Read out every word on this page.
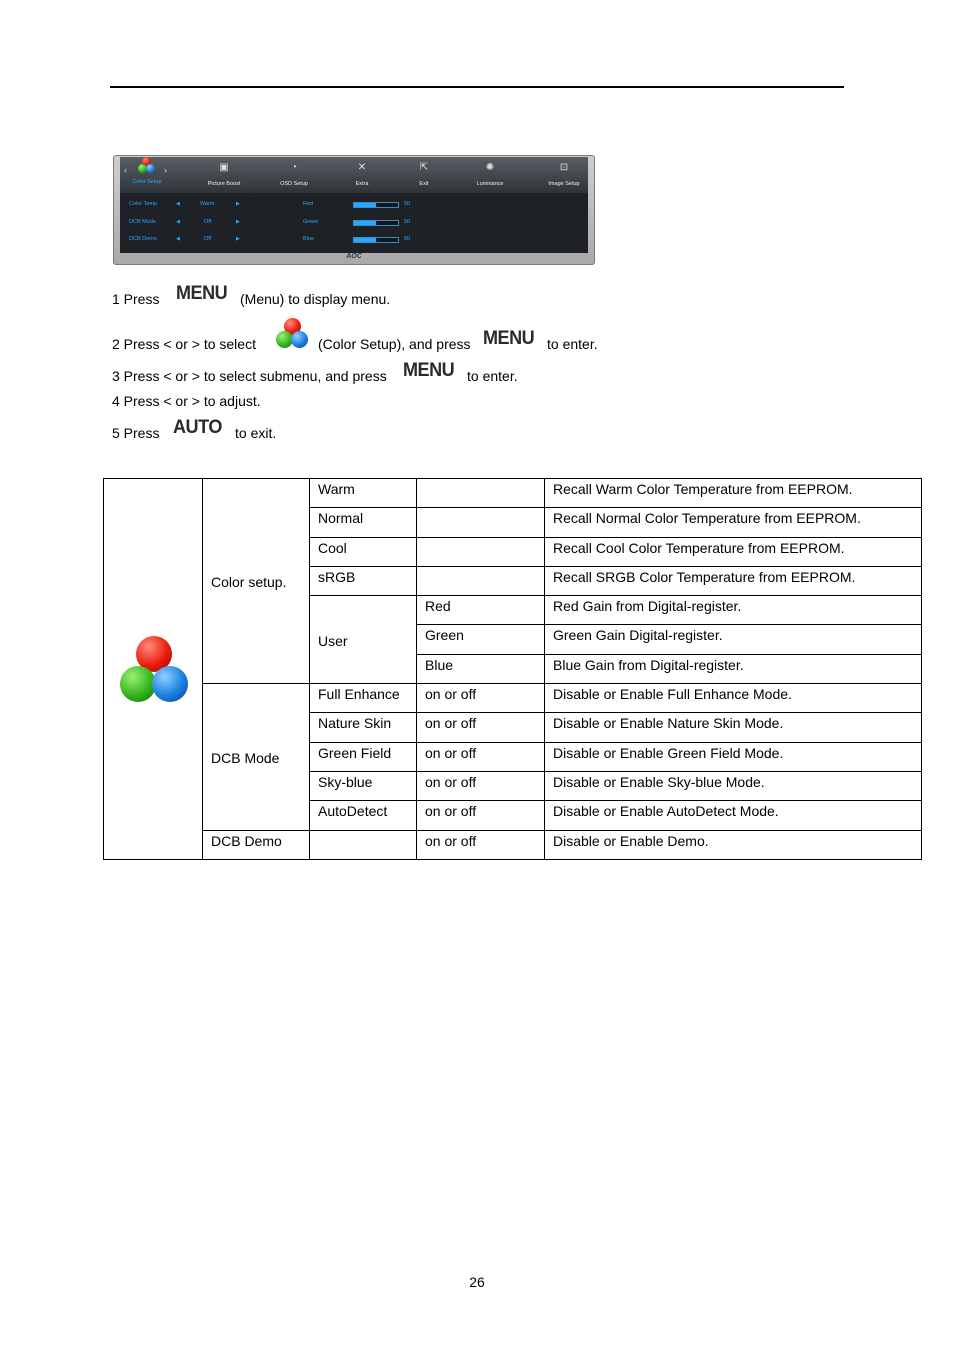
‹	›
Color Setup
▣
Picture Boost
◔
OSD Setup
✕
Extra
⇱
Exit
✺
Luminance
⊡
Image Setup
Color Temp.	◀	Warm	▶	Red	50
DCB Mode	◀	Off	▶	Green	50
DCB Demo	◀	Off	▶	Blue	50
AOC
1 Press MENU (Menu) to display menu.
2 Press < or > to select	(Color Setup), and press MENU to enter.
3 Press < or > to select submenu, and press MENU to enter.
4 Press < or > to adjust.
5 Press AUTO to exit.
	Color setup.	Warm		Recall Warm Color Temperature from EEPROM.
		Normal		Recall Normal Color Temperature from EEPROM.
		Cool		Recall Cool Color Temperature from EEPROM.
		sRGB		Recall SRGB Color Temperature from EEPROM.
		User	Red	Red Gain from Digital-register.
			Green	Green Gain Digital-register.
			Blue	Blue Gain from Digital-register.
	DCB Mode	Full Enhance	on or off	Disable or Enable Full Enhance Mode.
		Nature Skin	on or off	Disable or Enable Nature Skin Mode.
		Green Field	on or off	Disable or Enable Green Field Mode.
		Sky-blue	on or off	Disable or Enable Sky-blue Mode.
		AutoDetect	on or off	Disable or Enable AutoDetect Mode.
	DCB Demo		on or off	Disable or Enable Demo.
26
